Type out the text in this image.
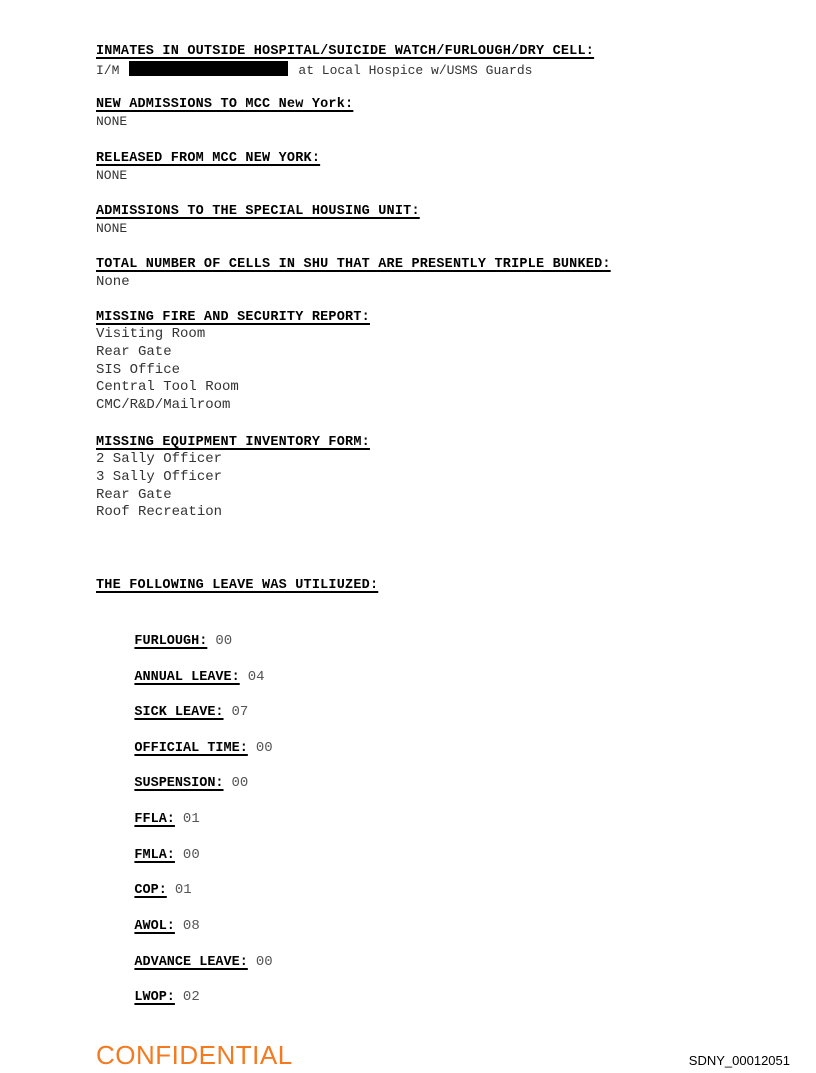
INMATES IN OUTSIDE HOSPITAL/SUICIDE WATCH/FURLOUGH/DRY CELL:
I/M	at Local Hospice w/USMS Guards
NEW ADMISSIONS TO MCC New York:
NONE
RELEASED FROM MCC NEW YORK:
NONE
ADMISSIONS TO THE SPECIAL HOUSING UNIT:
NONE
TOTAL NUMBER OF CELLS IN SHU THAT ARE PRESENTLY TRIPLE BUNKED:
None
MISSING FIRE AND SECURITY REPORT:
Visiting Room
Rear Gate
SIS Office
Central Tool Room
CMC/R&D/Mailroom
MISSING EQUIPMENT INVENTORY FORM:
2 Sally Officer
3 Sally Officer
Rear Gate
Roof Recreation
THE FOLLOWING LEAVE WAS UTILIUZED:

FURLOUGH: 00

ANNUAL LEAVE: 04

SICK LEAVE: 07

OFFICIAL TIME: 00

SUSPENSION: 00

FFLA: 01

FMLA: 00

COP: 01

AWOL: 08

ADVANCE LEAVE: 00

LWOP: 02

CONFIDENTIAL	SDNY_00012051
